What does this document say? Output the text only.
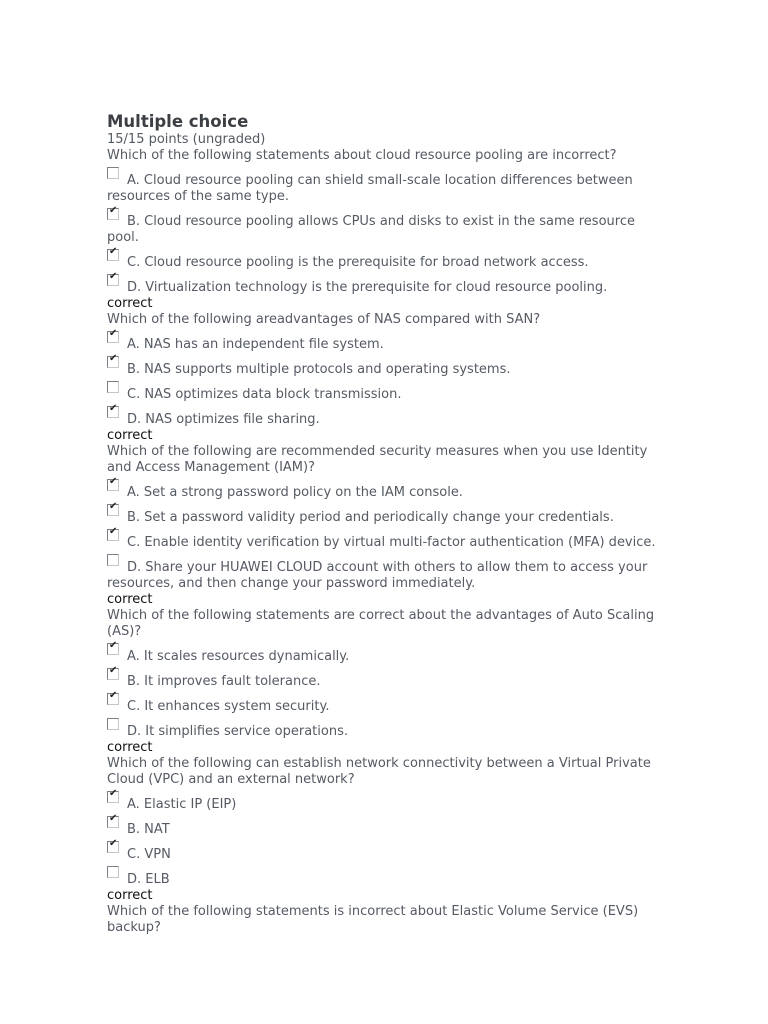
Multiple choice
15/15 points (ungraded)
Which of the following statements about cloud resource pooling are incorrect?
A. Cloud resource pooling can shield small-scale location differences between resources of the same type.
✔
B. Cloud resource pooling allows CPUs and disks to exist in the same resource pool.
✔
C. Cloud resource pooling is the prerequisite for broad network access.
✔
D. Virtualization technology is the prerequisite for cloud resource pooling.
correct
Which of the following areadvantages of NAS compared with SAN?
✔
A. NAS has an independent file system.
✔
B. NAS supports multiple protocols and operating systems.
C. NAS optimizes data block transmission.
✔
D. NAS optimizes file sharing.
correct
Which of the following are recommended security measures when you use Identity and Access Management (IAM)?
✔
A. Set a strong password policy on the IAM console.
✔
B. Set a password validity period and periodically change your credentials.
✔
C. Enable identity verification by virtual multi-factor authentication (MFA) device.
D. Share your HUAWEI CLOUD account with others to allow them to access your resources, and then change your password immediately.
correct
Which of the following statements are correct about the advantages of Auto Scaling (AS)?
✔
A. It scales resources dynamically.
✔
B. It improves fault tolerance.
✔
C. It enhances system security.
D. It simplifies service operations.
correct
Which of the following can establish network connectivity between a Virtual Private Cloud (VPC) and an external network?
✔
A. Elastic IP (EIP)
✔
B. NAT
✔
C. VPN
D. ELB
correct
Which of the following statements is incorrect about Elastic Volume Service (EVS) backup?
